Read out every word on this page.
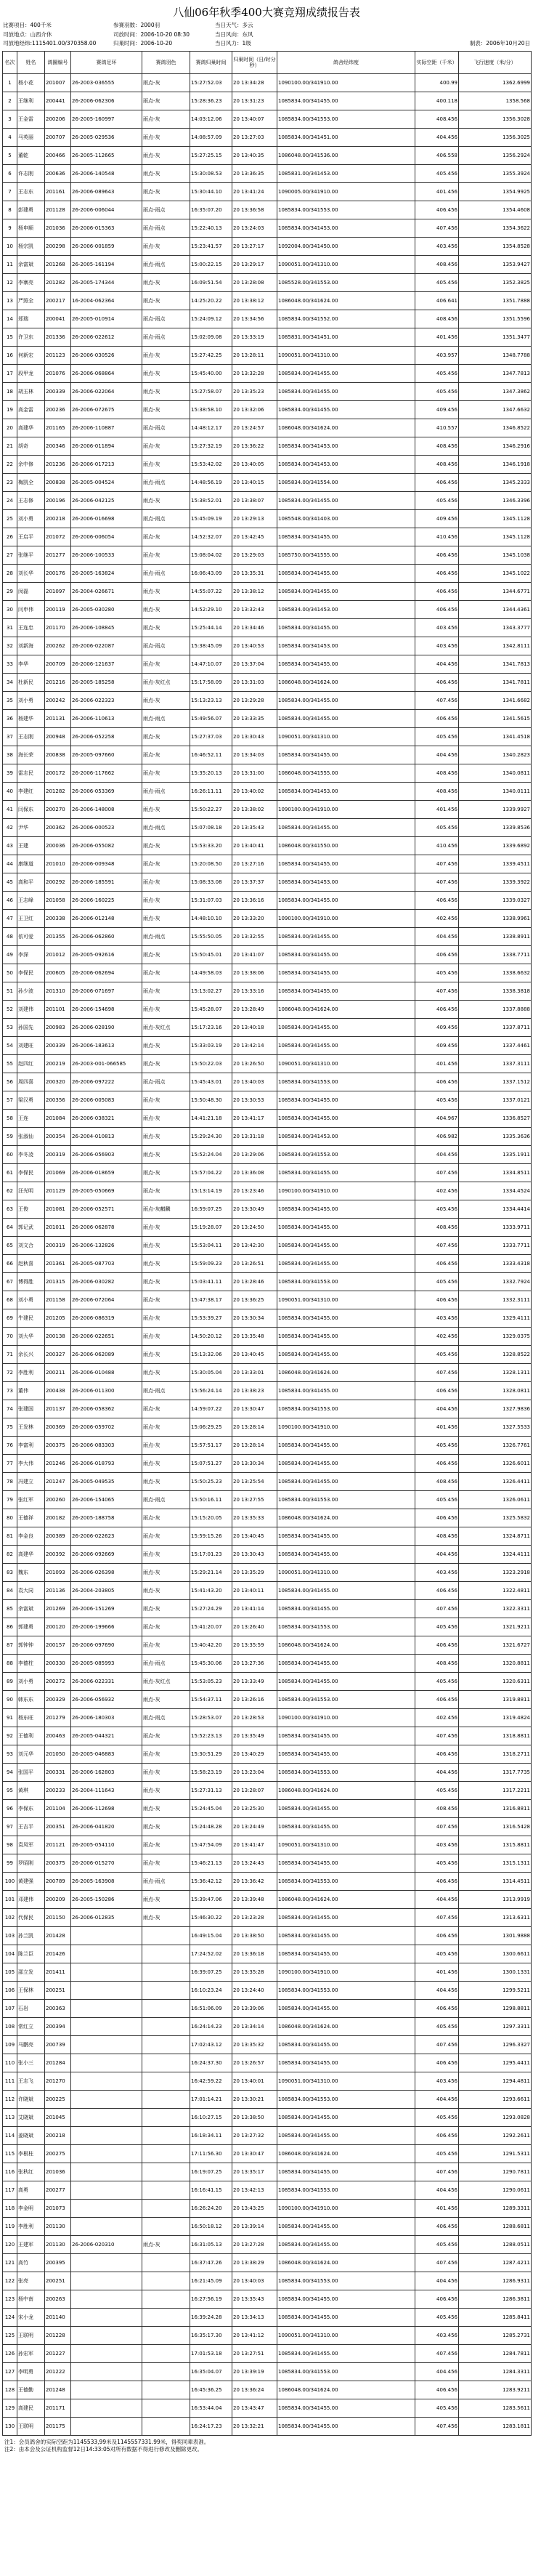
八仙06年秋季400大赛竞翔成绩报告表
比赛项目：400千米	参赛羽数：2000羽	当日天气：多云
司放地点：山西介休	司放时间：2006-10-20 08:30	当日风向：东风
司放地经纬:1115401.00/370358.00	归巢时间：2006-10-20	当日风力：1级	制表：2006年10月20日
名次	姓名	鸽圈编号	赛鸽足环	赛鸽羽色	赛鸽归巢时间	归巢时间（日/时分秒）	鸽舍经纬度	实际空距（千米）	飞行速度（米/分）
1	杨小花	201007	26-2003-036555	雨点-灰	15:27:52.03	20 13:34:28	1090100.00/341910.00	400.99	1362.6999
2	王继利	200441	26-2006-062306	雨点-灰	15:28:36.23	20 13:31:23	1085834.00/341455.00	400.118	1358.568
3	王金雷	200206	26-2005-160997	雨点-灰	14:03:12.06	20 13:40:07	1085834.00/341553.00	408.456	1356.3028
4	马英丽	200707	26-2005-029536	雨点-灰	14:08:57.09	20 13:27:03	1085834.00/341451.00	404.456	1356.3025
5	董乾	200466	26-2005-112665	雨点-灰	15:27:25.15	20 13:40:35	1086048.00/341536.00	406.558	1356.2924
6	许志刚	200636	26-2006-140548	雨点-灰	15:30:08.53	20 13:36:35	1085831.00/341453.00	405.456	1355.3924
7	王志东	201161	26-2006-089643	雨点-灰	15:30:44.10	20 13:41:24	1090005.00/341910.00	401.456	1354.9925
8	彭建勇	201128	26-2006-006044	雨点-雨点	16:35:07.20	20 13:36:58	1085834.00/341553.00	406.456	1354.4608
9	杨申顺	201036	26-2006-015363	雨点-雨点	15:22:40.13	20 13:24:03	1085834.00/341453.00	407.456	1354.3622
10	杨宗凯	200298	26-2006-001859	雨点-灰	15:23:41.57	20 13:27:17	1092004.00/341450.00	403.456	1354.8528
11	余富斌	201268	26-2005-161194	雨点-雨点	15:00:22.15	20 13:29:17	1090051.00/341310.00	408.456	1353.9427
12	李寨亮	201282	26-2005-174344	雨点-灰	16:09:51.54	20 13:28:08	1085528.00/341553.00	405.456	1352.3825
13	严照全	200217	16-2004-062364	雨点-灰	14:25:20.22	20 13:38:12	1086048.00/341624.00	406.641	1351.7888
14	郑瑞	200041	26-2005-010914	雨点-雨点	15:24:09.12	20 13:34:56	1085834.00/341552.00	408.456	1351.5596
15	许卫东	201336	26-2006-022612	雨点-雨点	15:02:09.08	20 13:33:19	1085831.00/341451.00	401.456	1351.3477
16	何新宏	201123	26-2006-030526	雨点-灰	15:27:42.25	20 13:28:11	1090051.00/341310.00	403.957	1348.7788
17	段甲龙	201076	26-2006-068864	雨点-灰	15:45:40.00	20 13:32:28	1085834.00/341455.00	405.456	1347.7813
18	胡玉林	200339	26-2006-022064	雨点-灰	15:27:58.07	20 13:35:23	1085834.00/341455.00	405.456	1347.3862
19	高金雷	200236	26-2006-072675	雨点-灰	15:38:58.10	20 13:32:06	1085834.00/341455.00	409.456	1347.6632
20	高建华	201165	26-2006-110887	雨点-雨点	14:48:12.17	20 13:24:57	1086048.00/341624.00	410.557	1346.8522
21	胡奇	200346	26-2006-011894	雨点-灰	15:27:32.19	20 13:36:22	1085834.00/341453.00	408.456	1346.2916
22	余中修	201236	26-2006-017213	雨点-灰	15:53:42.02	20 13:40:05	1085834.00/341453.00	408.456	1346.1918
23	梅凯全	200838	26-2005-004524	雨点-雨点	14:48:56.19	20 13:40:15	1085834.00/341554.00	406.456	1345.2333
24	王志修	200196	26-2006-042125	雨点-灰	15:38:52.01	20 13:38:07	1085834.00/341455.00	405.456	1346.3396
25	刘小勇	200218	26-2006-016698	雨点-雨点	15:45:09.19	20 13:29:13	1085548.00/341403.00	409.456	1345.1128
26	王启平	201072	26-2006-006054	雨点-灰	14:52:32.07	20 13:42:45	1085834.00/341455.00	410.456	1345.1128
27	张继平	201277	26-2006-100533	雨点-灰	15:08:04.02	20 13:29:03	1085750.00/341555.00	406.456	1345.1038
28	刘长华	200176	26-2005-163824	雨点-雨点	16:06:43.09	20 13:35:31	1085834.00/341455.00	406.456	1345.1022
29	闵磊	201097	26-2004-026671	雨点-灰	14:55:07.22	20 13:38:12	1085834.00/341455.00	406.456	1344.6771
30	闫申伟	200119	26-2005-030280	雨点-灰	14:52:29.10	20 13:32:43	1085834.00/341453.00	406.456	1344.4361
31	王连忠	201170	26-2006-108845	雨点-灰	15:25:44.14	20 13:34:46	1085834.00/341455.00	403.456	1343.3777
32	刘新海	200262	26-2006-022087	雨点-雨点	15:38:45.09	20 13:40:53	1085834.00/341453.00	403.456	1342.8111
33	李华	200709	26-2006-121637	雨点-灰	14:47:10.07	20 13:37:04	1085834.00/341455.00	404.456	1341.7813
34	杜新民	201216	26-2005-185258	雨点-灰红点	15:17:58.09	20 13:31:03	1086048.00/341624.00	406.456	1341.7811
35	刘小勇	200242	26-2006-022323	雨点-灰	15:13:23.13	20 13:29:28	1085834.00/341455.00	407.456	1341.6682
36	杨建华	201131	26-2006-110613	雨点-雨点	15:49:56.07	20 13:33:35	1085834.00/341455.00	406.456	1341.5615
37	王志刚	200948	26-2006-052258	雨点-灰	15:27:37.03	20 13:30:43	1090051.00/341310.00	405.456	1341.4518
38	海长荣	200838	26-2005-097660	雨点-灰	16:46:52.11	20 13:34:03	1085834.00/341455.00	404.456	1340.2823
39	雷志民	200172	26-2006-117662	雨点-灰	15:35:20.13	20 13:31:00	1086048.00/341555.00	408.456	1340.0811
40	李建红	201282	26-2006-053369	雨点-雨点	16:26:11.11	20 13:40:02	1085834.00/341453.00	408.456	1340.0111
41	闫保东	200270	26-2006-148008	雨点-灰	15:50:22.27	20 13:38:02	1090100.00/341910.00	401.456	1339.9927
42	尹华	200362	26-2006-000523	雨点-雨点	15:07:08.18	20 13:35:43	1085834.00/341455.00	405.456	1339.8536
43	王建	200036	26-2006-055082	雨点-灰	15:53:33.20	20 13:40:41	1086048.00/341550.00	410.456	1339.6892
44	康继道	201010	26-2006-009348	雨点-灰	15:20:08.50	20 13:27:16	1085834.00/341455.00	407.456	1339.4511
45	高和平	200292	26-2006-185591	雨点-灰	15:08:33.08	20 13:37:37	1085834.00/341453.00	407.456	1339.3922
46	王志峰	201058	26-2006-160225	雨点-灰	15:31:07.03	20 13:36:16	1085834.00/341455.00	406.456	1339.0327
47	王卫红	200338	26-2006-012148	雨点-灰	14:48:10.10	20 13:33:20	1090100.00/341910.00	402.456	1338.9961
48	依可爱	201355	26-2006-062860	雨点-雨点	15:55:50.05	20 13:32:55	1085834.00/341455.00	404.456	1338.8911
49	李深	201012	26-2005-092616	雨点-灰	15:50:45.01	20 13:41:07	1085834.00/341455.00	406.456	1338.7711
50	李保民	200605	26-2006-062694	雨点-灰	14:49:58.03	20 13:38:06	1085834.00/341455.00	405.456	1338.6632
51	孙少波	201310	26-2006-071697	雨点-灰	15:13:02.27	20 13:33:16	1085834.00/341455.00	407.456	1338.3818
52	刘建伟	201101	26-2006-154698	雨点-灰	15:45:28.07	20 13:28:49	1086048.00/341624.00	406.456	1337.8888
53	孙国先	200983	26-2006-028190	雨点-灰红点	15:17:23.16	20 13:40:18	1085834.00/341455.00	409.456	1337.8711
54	刘建旺	200339	26-2006-183613	雨点-灰	15:33:03.19	20 13:42:14	1085834.00/341455.00	409.456	1337.4461
55	赵四红	200219	26-2003-001-066585	雨点-灰	15:50:22.03	20 13:26:50	1090051.00/341310.00	401.456	1337.3111
56	周四喜	200320	26-2006-097222	雨点-雨点	15:45:43.01	20 13:40:03	1085834.00/341553.00	406.456	1337.1512
57	梁汉勇	200356	26-2006-005083	雨点-灰	15:50:48.30	20 13:30:53	1085834.00/341455.00	405.456	1337.0121
58	王连	201084	26-2006-038321	雨点-灰	14:41:21.18	20 13:41:17	1085834.00/341455.00	404.967	1336.8527
59	张淑仙	200354	26-2004-010813	雨点-灰	15:29:24.30	20 13:31:18	1085834.00/341453.00	406.982	1335.3636
60	李冬凌	200319	26-2006-056903	雨点-灰	15:52:24.04	20 13:29:06	1085834.00/341553.00	404.456	1335.1911
61	李保民	201069	26-2006-018659	雨点-灰	15:57:04.22	20 13:36:08	1085834.00/341455.00	407.456	1334.8511
62	汪光明	201129	26-2005-050669	雨点-灰	15:13:14.19	20 13:23:46	1090100.00/341910.00	402.456	1334.4524
63	王俊	201081	26-2006-052571	雨点-灰麒麟	16:59:07.25	20 13:30:49	1085834.00/341455.00	405.456	1334.4414
64	郭记武	201011	26-2006-062878	雨点-灰	15:19:28.07	20 13:24:50	1085834.00/341455.00	408.456	1333.9711
65	刘文合	200319	26-2006-132826	雨点-灰	15:53:04.11	20 13:42:30	1085834.00/341455.00	407.456	1333.7711
66	赵秋喜	201361	26-2005-087703	雨点-灰	15:59:09.23	20 13:26:51	1085834.00/341455.00	406.456	1333.4318
67	博得胜	201315	26-2006-030282	雨点-灰	15:03:41.11	20 13:28:46	1085834.00/341553.00	405.456	1332.7924
68	刘小勇	201158	26-2006-072064	雨点-灰	15:47:38.17	20 13:36:25	1090051.00/341310.00	406.456	1332.3111
69	牛建民	201205	26-2006-086319	雨点-灰	15:53:39.27	20 13:30:34	1085834.00/341455.00	403.456	1329.4111
70	刘大华	200138	26-2006-022651	雨点-灰	14:50:20.12	20 13:35:48	1085834.00/341455.00	402.456	1329.0375
71	余长兴	200327	26-2006-062089	雨点-灰	15:13:32.06	20 13:40:45	1085834.00/341455.00	405.456	1328.8522
72	李胜利	200211	26-2006-010488	雨点-灰	15:30:05.04	20 13:33:01	1086048.00/341624.00	407.456	1328.1311
73	董伟	200438	26-2006-011300	雨点-雨点	15:56:24.14	20 13:38:23	1085834.00/341455.00	406.456	1328.0811
74	张建国	201137	26-2006-058362	雨点-灰	14:59:07.22	20 13:30:47	1085834.00/341553.00	404.456	1327.9836
75	王发林	200369	26-2006-059702	雨点-灰	15:06:29.25	20 13:28:14	1090100.00/341910.00	401.456	1327.5533
76	李富利	200375	26-2006-083303	雨点-灰	15:57:51.17	20 13:28:14	1085834.00/341455.00	405.456	1326.7761
77	李大伟	201246	26-2006-018793	雨点-灰	15:07:51.27	20 13:30:34	1085834.00/341455.00	406.456	1326.6011
78	冯建立	201247	26-2005-049535	雨点-灰	15:50:25.23	20 13:25:54	1085834.00/341455.00	408.456	1326.4411
79	张红军	200260	26-2006-154065	雨点-雨点	15:50:16.11	20 13:27:55	1085834.00/341553.00	405.456	1326.0611
80	王德祥	200182	26-2005-188758	雨点-灰	15:15:20.05	20 13:35:33	1086048.00/341624.00	406.456	1325.5832
81	李金良	200389	26-2006-022623	雨点-灰	15:59:15.26	20 13:40:45	1085834.00/341455.00	408.456	1324.8711
82	高建华	200392	26-2006-092669	雨点-灰	15:17:01.23	20 13:30:43	1085834.00/341455.00	404.456	1324.4111
83	魏东	201093	26-2006-026398	雨点-灰	15:29:21.14	20 13:35:29	1090051.00/341310.00	403.456	1323.2918
84	袁大同	201136	26-2004-203805	雨点-灰	15:41:43.20	20 13:40:11	1085834.00/341455.00	406.456	1322.4811
85	余富斌	201269	26-2006-151269	雨点-灰	15:27:24.29	20 13:41:14	1085834.00/341455.00	407.456	1322.3311
86	郭建勇	200120	26-2006-199666	雨点-灰	15:41:20.07	20 13:26:40	1085834.00/341553.00	405.456	1321.9211
87	郭钟钟	200157	26-2006-097690	雨点-灰	15:40:42.20	20 13:35:59	1086048.00/341624.00	406.456	1321.6727
88	李德柱	200330	26-2005-085993	雨点-雨点	15:45:30.06	20 13:27:36	1085834.00/341455.00	408.456	1320.8811
89	刘小勇	200272	26-2006-022331	雨点-灰红点	15:53:05.23	20 13:33:49	1085834.00/341455.00	405.456	1320.6311
90	韩东东	200329	26-2006-056932	雨点-灰	15:54:37.11	20 13:26:16	1085834.00/341553.00	406.456	1319.8811
91	杨东旺	201279	26-2006-180303	雨点-雨点	15:28:53.07	20 13:28:53	1090100.00/341910.00	402.456	1319.4824
92	王德利	200463	26-2005-044321	雨点-灰	15:52:23.13	20 13:35:49	1085834.00/341455.00	407.456	1318.8811
93	刘元华	201050	26-2005-046883	雨点-灰	15:30:51.29	20 13:40:29	1085834.00/341455.00	406.456	1318.2711
94	张国平	200331	26-2006-162803	雨点-灰	15:58:23.19	20 13:23:04	1085834.00/341553.00	404.456	1317.7735
95	黄琪	200233	26-2004-111643	雨点-灰	15:27:31.13	20 13:28:07	1086048.00/341624.00	405.456	1317.2211
96	李保东	201104	26-2006-112698	雨点-灰	15:24:45.04	20 13:25:30	1085834.00/341455.00	408.456	1316.8811
97	王吉平	200351	26-2006-041820	雨点-灰	15:24:48.28	20 13:24:49	1085834.00/341455.00	407.456	1316.5428
98	袁凤军	201121	26-2005-054110	雨点-灰	15:47:54.09	20 13:41:47	1090051.00/341310.00	403.456	1315.8811
99	罗昭刚	200375	26-2006-015270	雨点-灰	15:46:21.13	20 13:24:43	1085834.00/341455.00	405.456	1315.1311
100	黄建强	200789	26-2005-163908	雨点-雨点	15:36:42.12	20 13:36:42	1085834.00/341553.00	406.456	1314.4511
101	邓建伟	200209	26-2005-150286	雨点-灰	15:39:47.06	20 13:39:48	1086048.00/341624.00	404.456	1313.9919
102	代保民	201150	26-2006-012835	雨点-灰	15:46:30.22	20 13:23:28	1085834.00/341455.00	407.456	1313.6311
103	孙兰凯	201428			16:49:15.04	20 13:38:50	1085834.00/341455.00	406.456	1301.9888
104	陈兰臣	201426			17:24:52.02	20 13:36:18	1085834.00/341455.00	405.456	1300.6611
105	邵立发	201411			16:39:07.25	20 13:35:28	1090100.00/341910.00	401.456	1300.1331
106	王保林	200251			16:10:23.24	20 13:24:40	1085834.00/341553.00	404.456	1299.5211
107	石岩	200363			16:51:06.09	20 13:39:06	1085834.00/341455.00	406.456	1298.8811
108	常红立	200394			16:24:14.23	20 13:34:14	1086048.00/341624.00	405.456	1297.3311
109	马鹏亮	200739			17:02:43.12	20 13:35:32	1085834.00/341455.00	407.456	1296.3327
110	张小三	201284			16:24:37.30	20 13:26:57	1085834.00/341455.00	406.456	1295.4411
111	王志飞	201270			16:42:59.22	20 13:40:01	1090051.00/341310.00	403.456	1294.4811
112	许晓斌	200225			17:01:14.21	20 13:30:21	1085834.00/341553.00	404.456	1293.6611
113	艾晓斌	201045			16:10:27.15	20 13:38:50	1085834.00/341455.00	405.456	1293.0828
114	姜晓斌	200218			16:18:34.11	20 13:27:32	1085834.00/341455.00	406.456	1292.2611
115	李根柱	200275			17:11:56.30	20 13:30:47	1086048.00/341624.00	405.456	1291.5311
116	张秋红	201036			16:19:07.25	20 13:35:17	1085834.00/341455.00	407.456	1290.7811
117	高勇	200277			16:16:41.15	20 13:42:13	1085834.00/341553.00	404.456	1290.0611
118	李金明	201073			16:26:24.20	20 13:43:25	1090100.00/341910.00	401.456	1289.3311
119	李胜利	201130			16:50:18.12	20 13:39:14	1085834.00/341455.00	406.456	1288.6811
120	王建军	201130	26-2006-020310	雨点-灰	16:31:05.13	20 13:27:28	1085834.00/341455.00	405.456	1288.0511
121	高竹	200395			16:37:47.26	20 13:38:29	1086048.00/341624.00	407.456	1287.4211
122	张亮	200251			16:21:45.09	20 13:40:03	1085834.00/341553.00	404.456	1286.9311
123	杨中南	200263			16:27:56.19	20 13:35:43	1085834.00/341455.00	406.456	1286.3811
124	宋小龙	201140			16:39:24.28	20 13:34:13	1085834.00/341455.00	405.456	1285.8411
125	王联明	201228			16:35:17.30	20 13:41:12	1090051.00/341310.00	403.456	1285.2731
126	孙宏军	201227			17:01:53.18	20 13:27:51	1085834.00/341455.00	407.456	1284.7811
127	李明勇	201222			16:35:04.07	20 13:39:19	1085834.00/341553.00	404.456	1284.3311
128	王德勤	201248			16:45:36.25	20 13:36:24	1086048.00/341624.00	406.456	1283.9211
129	高建民	201171			16:53:44.04	20 13:43:47	1085834.00/341455.00	405.456	1283.5611
130	王联明	201175			16:24:17.23	20 13:32:21	1085834.00/341455.00	407.456	1283.1811
注1：会员鸽舍的实际空距为1145533,99米及1145557331.99米，得奖同辈表准。
注2：由本会及公证机构监督12日14:33:05对所有数据不得进行修改及删除更改。
